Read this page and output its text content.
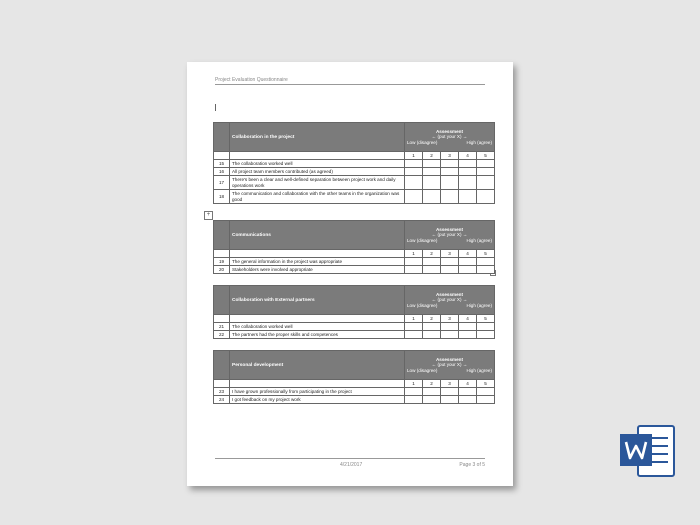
Project Evaluation Questionnaire
+
	Collaboration in the project	Assessment
← (put your X) →
Low (disagree) High (agree)				

		1	2	3	4	5
15	The collaboration worked well					
16	All project team members contributed (as agreed)					
17	There's been a clear and well-defined separation between project work and daily operations work					
18	The communication and collaboration with the other teams in the organization was good					
	Communications	Assessment
← (put your X) →
Low (disagree) High (agree)				

		1	2	3	4	5
19	The general information in the project was appropriate					
20	Stakeholders were involved appropriate					
	Collaboration with External partners	Assessment
← (put your X) →
Low (disagree) High (agree)				

		1	2	3	4	5
21	The collaboration worked well					
22	The partners had the proper skills and competences					
	Personal development	Assessment
← (put your X) →
Low (disagree) High (agree)				

		1	2	3	4	5
23	I have grown professionally from participating in the project					
24	I got feedback on my project work					
4/21/2017	Page 3 of 5
